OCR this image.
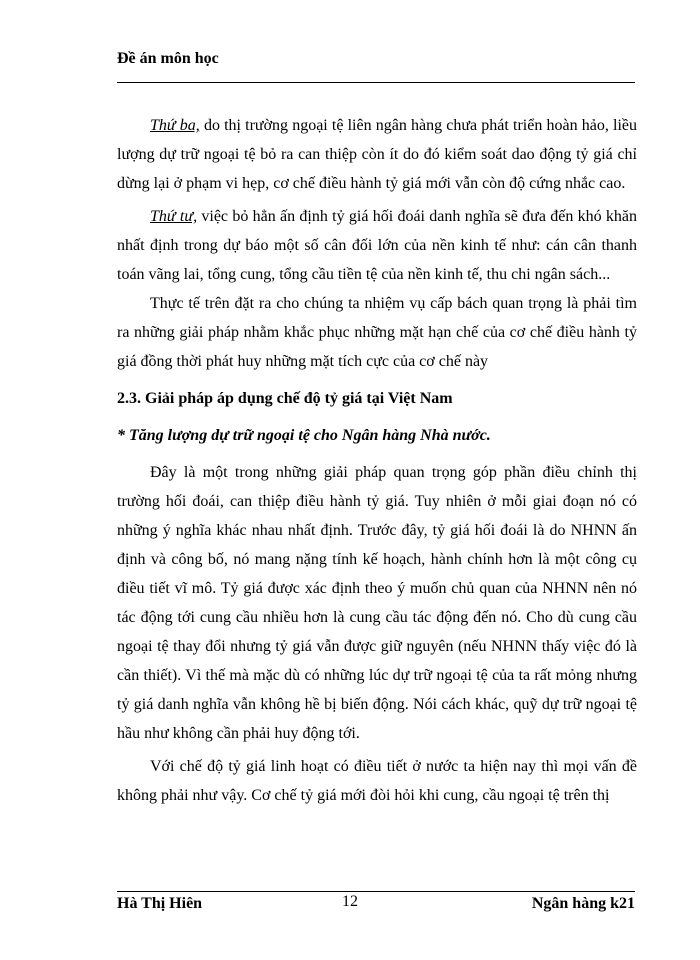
Đề án môn học

Thứ ba, do thị trường ngoại tệ liên ngân hàng chưa phát triển hoàn hảo, liều lượng dự trữ ngoại tệ bỏ ra can thiệp còn ít do đó kiểm soát dao động tỷ giá chỉ dừng lại ở phạm vi hẹp, cơ chế điều hành tỷ giá mới vẫn còn độ cứng nhắc cao.

Thứ tư, việc bỏ hẳn ấn định tỷ giá hối đoái danh nghĩa sẽ đưa đến khó khăn nhất định trong dự báo một số cân đối lớn của nền kinh tế như: cán cân thanh toán vãng lai, tổng cung, tổng cầu tiền tệ của nền kinh tế, thu chi ngân sách...

Thực tế trên đặt ra cho chúng ta nhiệm vụ cấp bách quan trọng là phải tìm ra những giải pháp nhằm khắc phục những mặt hạn chế của cơ chế điều hành tỷ giá đồng thời phát huy những mặt tích cực của cơ chế này

2.3. Giải pháp áp dụng chế độ tỷ giá tại Việt Nam

* Tăng lượng dự trữ ngoại tệ cho Ngân hàng Nhà nước.

Đây là một trong những giải pháp quan trọng góp phần điều chỉnh thị trường hối đoái, can thiệp điều hành tỷ giá. Tuy nhiên ở mỗi giai đoạn nó có những ý nghĩa khác nhau nhất định. Trước đây, tỷ giá hối đoái là do NHNN ấn định và công bố, nó mang nặng tính kế hoạch, hành chính hơn là một công cụ điều tiết vĩ mô. Tỷ giá được xác định theo ý muốn chủ quan của NHNN nên nó tác động tới cung cầu nhiều hơn là cung cầu tác động đến nó. Cho dù cung cầu ngoại tệ thay đổi nhưng tỷ giá vẫn được giữ nguyên (nếu NHNN thấy việc đó là cần thiết). Vì thế mà mặc dù có những lúc dự trữ ngoại tệ của ta rất mỏng nhưng tỷ giá danh nghĩa vẫn không hề bị biến động. Nói cách khác, quỹ dự trữ ngoại tệ hầu như không cần phải huy động tới.

Với chế độ tỷ giá linh hoạt có điều tiết ở nước ta hiện nay thì mọi vấn đề không phải như vậy. Cơ chế tỷ giá mới đòi hỏi khi cung, cầu ngoại tệ trên thị

Hà Thị Hiên	12	Ngân hàng k21
